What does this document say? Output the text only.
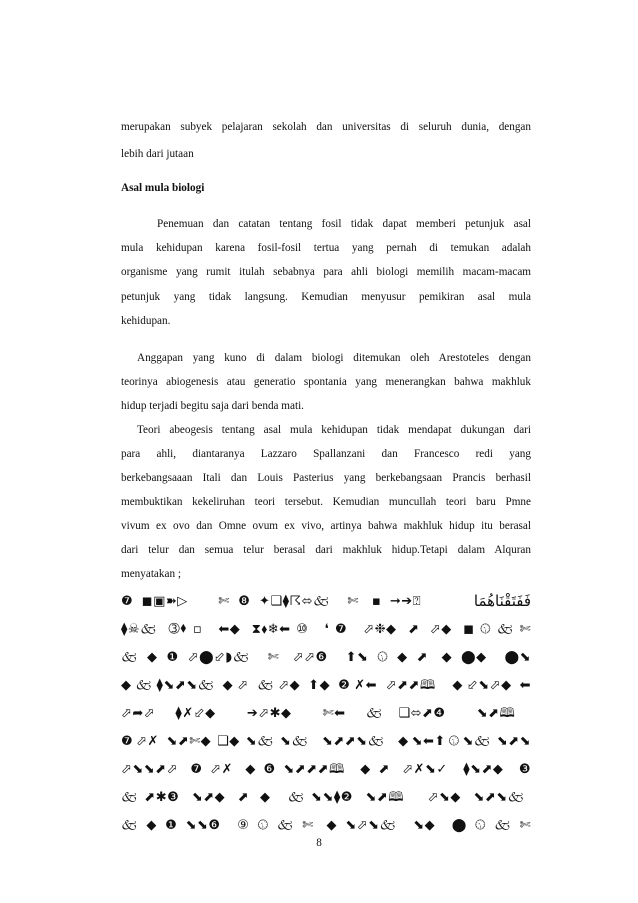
merupakan subyek pelajaran sekolah dan universitas di seluruh dunia, dengan
lebih dari jutaan
Asal mula biologi
Penemuan dan catatan tentang fosil tidak dapat memberi petunjuk asal
mula kehidupan karena fosil-fosil tertua yang pernah di temukan adalah
organisme yang rumit itulah sebabnya para ahli biologi memilih macam-macam
petunjuk yang tidak langsung. Kemudian menyusur pemikiran asal mula
kehidupan.
Anggapan yang kuno di dalam biologi ditemukan oleh Arestoteles dengan
teorinya abiogenesis atau generatio spontania yang menerangkan bahwa makhluk
hidup terjadi begitu saja dari benda mati.
Teori abeogesis tentang asal mula kehidupan tidak mendapat dukungan dari
para ahli, diantaranya Lazzaro Spallanzani dan Francesco redi yang
berkebangsaaan Itali dan Louis Pasterius yang berkebangsaan Prancis berhasil
membuktikan kekeliruhan teori tersebut. Kemudian muncullah teori baru Pmne
vivum ex ovo dan Omne ovum ex vivo, artinya bahwa makhluk hidup itu berasal
dari telur dan semua telur berasal dari makhluk hidup.Tetapi dalam Alquran
menyatakan ;
❼◼︎▣︎➽▷︎ ✄︎❽✦︎❑︎⧫︎☈⬄︎🙵︎✄︎ ▪︎➞︎➔︎⍰︎	فَفَتَقْنَاهُمَا
⧫︎☠︎🙵︎➂︎⬧︎▫︎ ⬅︎◆︎⧗︎⬧︎❄︎⬅︎⑩ ❛❼ ⬀︎❉︎◆︎⬈︎ ⬀︎◆︎◼︎🕥︎🙵︎✄︎
🙵︎◆︎❶︎⬀︎⬤︎⬃︎◗︎🙵︎✄︎ ⬀︎⬀︎❻︎⬆︎⬊︎🕥︎◆︎⬈︎ ◆︎⬤︎◆︎⬤︎⬊︎
◆︎🙵︎⧫︎⬊︎⬈︎⬊︎🙵︎◆︎⬀︎ 🙵︎⬀︎◆︎⬆︎◆︎❷︎✗︎⬅︎ ⬀︎⬈︎⬈︎🕮︎ ◆︎⬃︎⬊︎⬀︎◆︎⬅︎
⬀︎➦︎⬀︎ ⧫︎✗︎⬃︎◆︎➔︎⬀︎✱︎◆︎✄︎⬅︎ 🙵︎❑︎⬄︎⬈︎❹︎⬊︎⬈︎🕮︎
❼⬀︎✗︎ ⬊︎⬈︎✄︎◆︎❑︎◆︎⬊︎🙵︎⬊︎🙵︎ ⬊︎⬈︎⬈︎⬊︎🙵︎ ◆︎⬊︎⬅︎⬆︎🕥︎⬊︎🙵︎⬊︎⬈︎⬊︎
⬀︎⬊︎⬊︎⬈︎⬀︎ ❼⬀︎✗︎ ◆︎❻︎⬊︎⬈︎⬈︎⬈︎🕮︎◆︎⬈︎ ⬀︎✗︎⬊︎✓︎⧫︎⬊︎⬈︎◆︎❸︎
🙵︎⬈︎✱︎❸︎⬊︎⬈︎◆︎⬈︎ ◆︎ 🙵︎⬊︎⬊︎⧫︎❷︎⬊︎⬈︎🕮︎ ⬀︎⬊︎◆︎⬊︎⬈︎⬊︎🙵︎
🙵︎◆︎❶︎⬊︎⬊︎❻︎⑨︎🕥︎🙵︎✄︎ ◆︎⬊︎⬀︎⬊︎🙵︎⬊︎◆︎⬤︎🕥︎🙵︎✄︎
8
